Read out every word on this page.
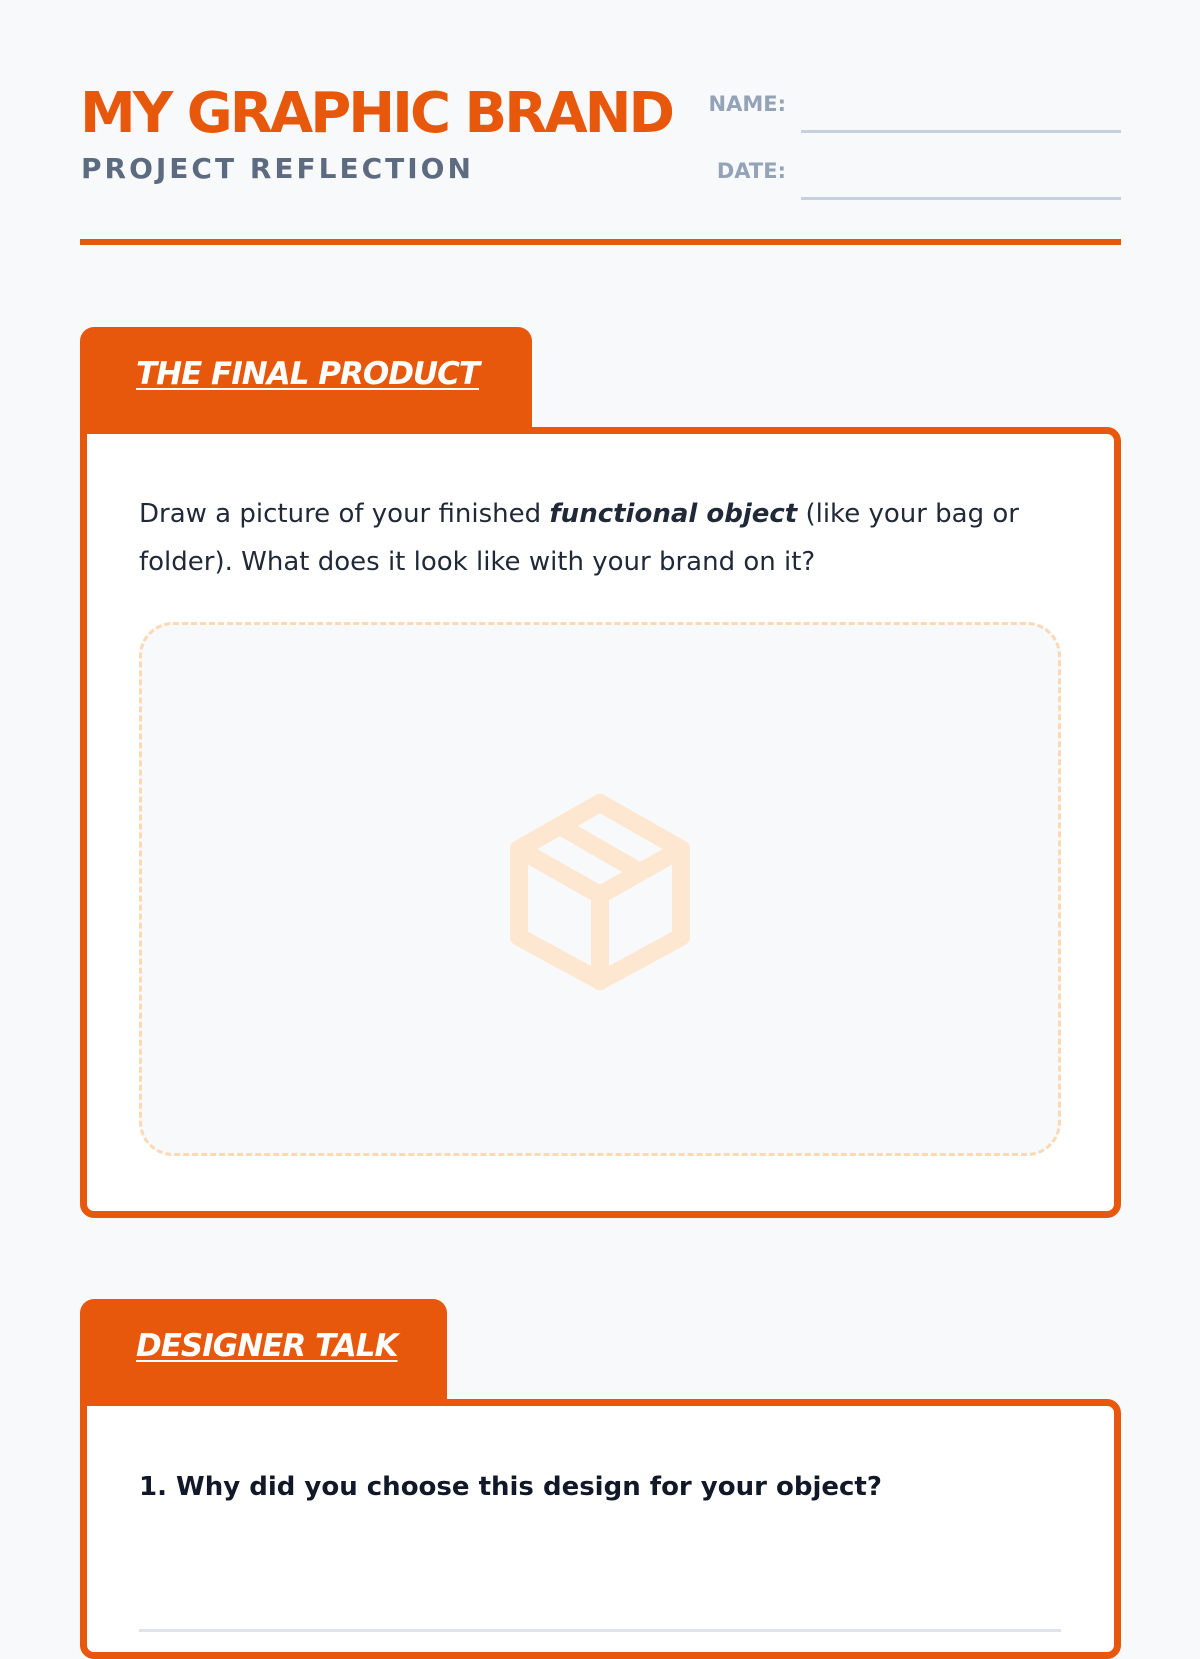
MY GRAPHIC BRAND
PROJECT REFLECTION
NAME:
DATE:
THE FINAL PRODUCT

Draw a picture of your finished functional object (like your bag or folder). What does it look like with your brand on it?

DESIGNER TALK

1. Why did you choose this design for your object?
